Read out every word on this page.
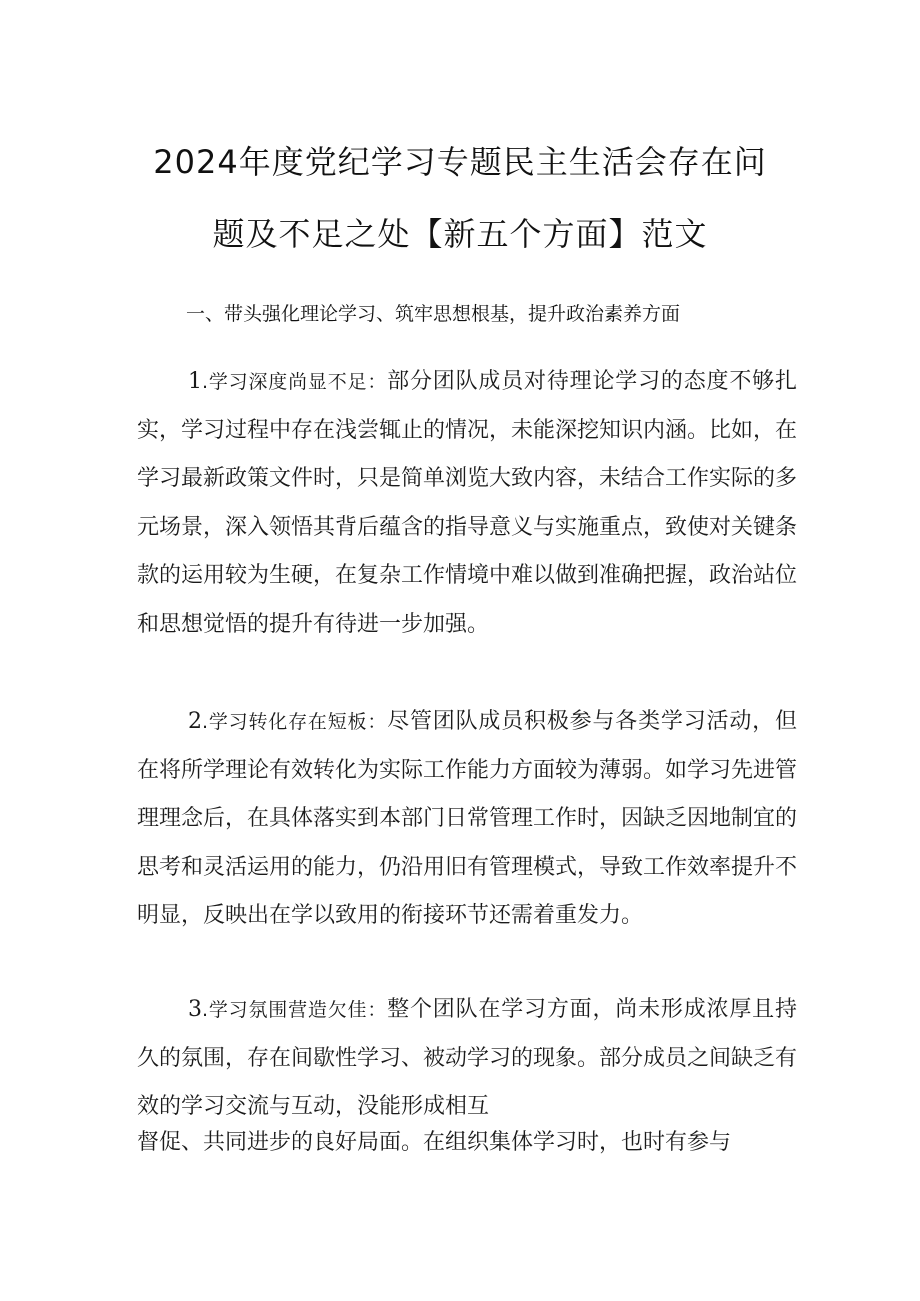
2024年度党纪学习专题民主生活会存在问
题及不足之处【新五个方面】范文
一、带头强化理论学习、筑牢思想根基，提升政治素养方面

1.学习深度尚显不足：部分团队成员对待理论学习的态度不够扎实，学习过程中存在浅尝辄止的情况，未能深挖知识内涵。比如，在学习最新政策文件时，只是简单浏览大致内容，未结合工作实际的多元场景，深入领悟其背后蕴含的指导意义与实施重点，致使对关键条款的运用较为生硬，在复杂工作情境中难以做到准确把握，政治站位和思想觉悟的提升有待进一步加强。

2.学习转化存在短板：尽管团队成员积极参与各类学习活动，但在将所学理论有效转化为实际工作能力方面较为薄弱。如学习先进管理理念后，在具体落实到本部门日常管理工作时，因缺乏因地制宜的思考和灵活运用的能力，仍沿用旧有管理模式，导致工作效率提升不明显，反映出在学以致用的衔接环节还需着重发力。

3.学习氛围营造欠佳：整个团队在学习方面，尚未形成浓厚且持久的氛围，存在间歇性学习、被动学习的现象。部分成员之间缺乏有效的学习交流与互动，没能形成相互

督促、共同进步的良好局面。在组织集体学习时，也时有参与
